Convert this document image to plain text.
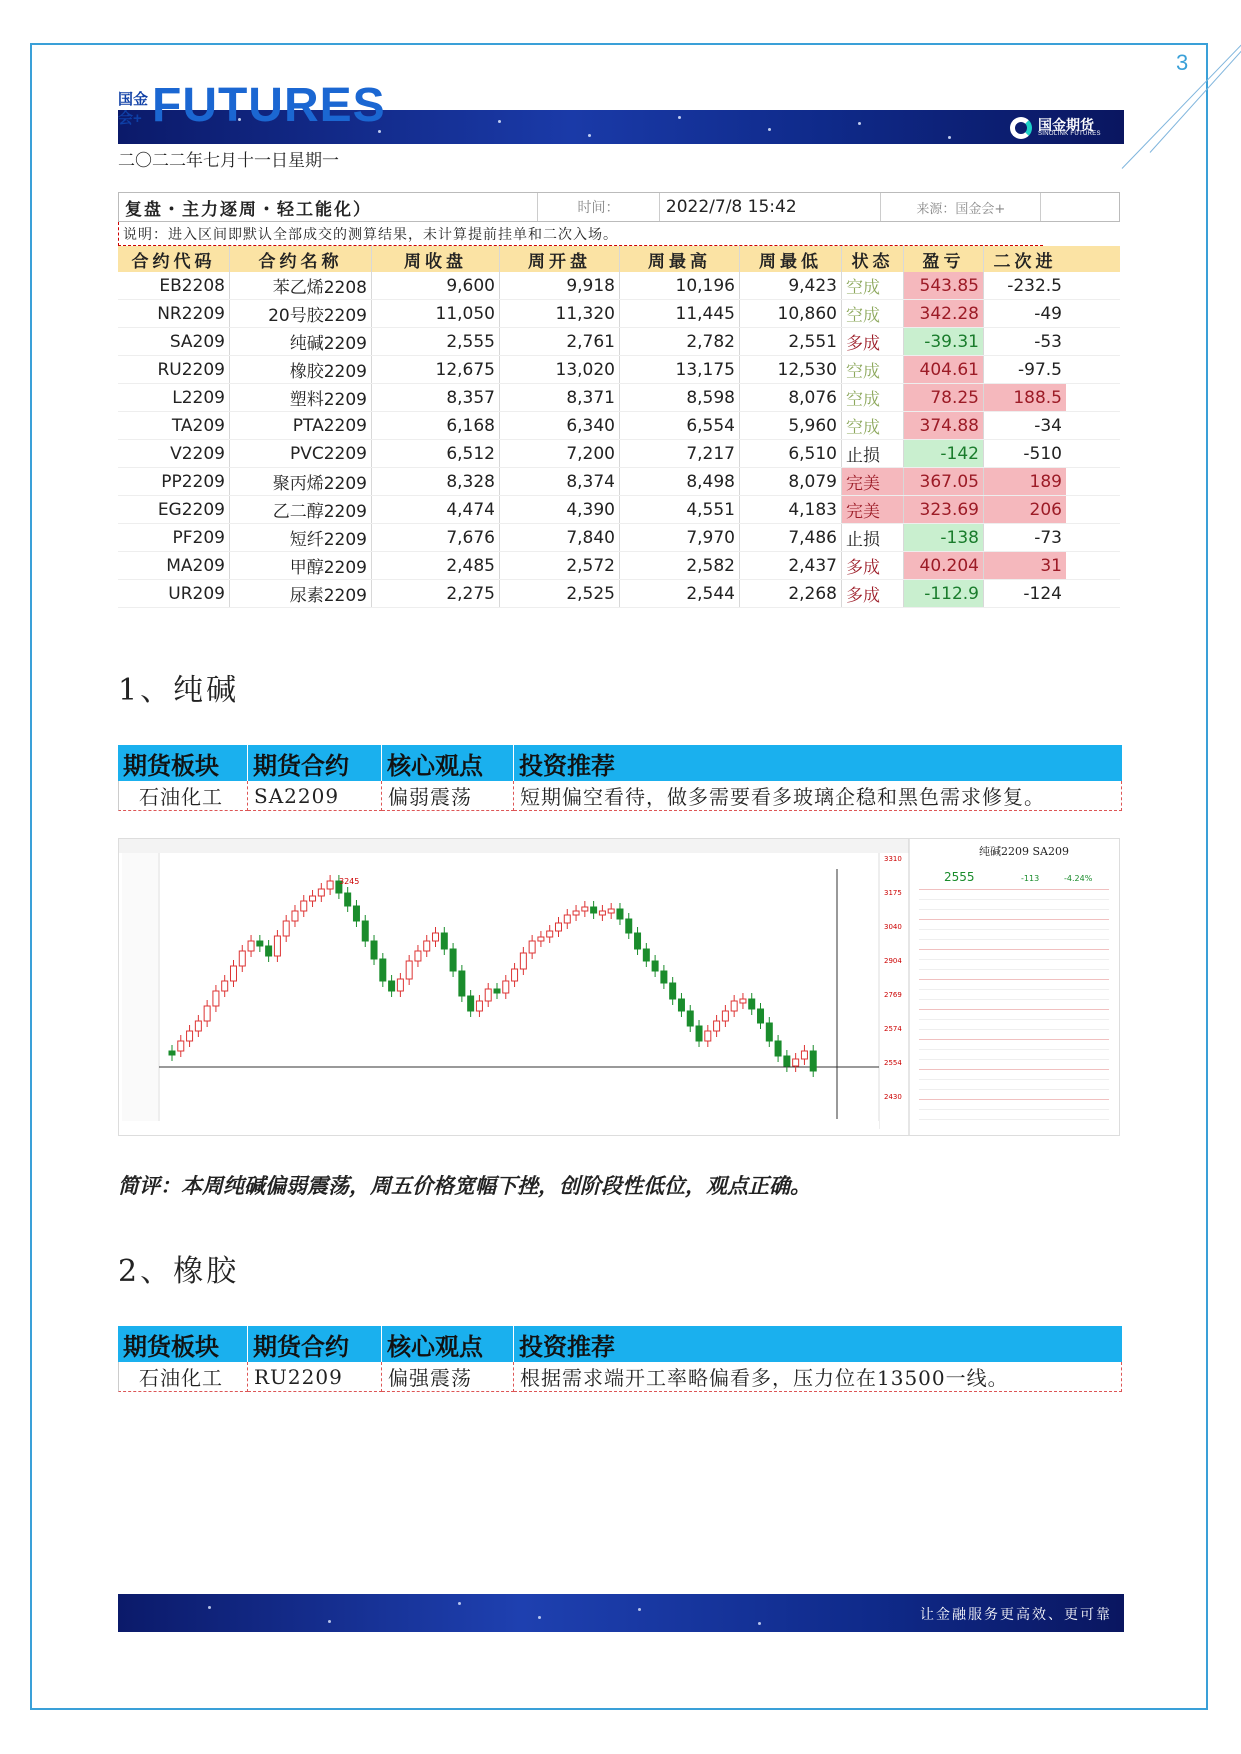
3
国金会+ FUTURES	国金期货
SINOLINK FUTURES
二〇二二年七月十一日星期一
复盘・主力逐周・轻工能化）	时间：	2022/7/8 15:42	来源：国金会+
说明：进入区间即默认全部成交的测算结果，未计算提前挂单和二次入场。
合约代码	合约名称	周收盘	周开盘	周最高	周最低	状态	盈亏	二次进
EB2208	苯乙烯2208	9,600	9,918	10,196	9,423 空成	543.85	-232.5
NR2209	20号胶2209	11,050	11,320	11,445	10,860 空成	342.28	-49
SA209	纯碱2209	2,555	2,761	2,782	2,551 多成	-39.31	-53
RU2209	橡胶2209	12,675	13,020	13,175	12,530 空成	404.61	-97.5
L2209	塑料2209	8,357	8,371	8,598	8,076 空成	78.25	188.5
TA209	PTA2209	6,168	6,340	6,554	5,960 空成	374.88	-34
V2209	PVC2209	6,512	7,200	7,217	6,510 止损	-142	-510
PP2209	聚丙烯2209	8,328	8,374	8,498	8,079 完美	367.05	189
EG2209	乙二醇2209	4,474	4,390	4,551	4,183 完美	323.69	206
PF209	短纤2209	7,676	7,840	7,970	7,486 止损	-138	-73
MA209	甲醇2209	2,485	2,572	2,582	2,437 多成	40.204	31
UR209	尿素2209	2,275	2,525	2,544	2,268 多成	-112.9	-124
1、纯碱
期货板块	期货合约	核心观点	投资推荐
石油化工	SA2209	偏弱震荡	短期偏空看待，做多需要看多玻璃企稳和黑色需求修复。
3245
3310
3175
3040
2904
2769
2574
2554
2430
纯碱2209 SA209
2555	-113	-4.24%
简评：本周纯碱偏弱震荡，周五价格宽幅下挫，创阶段性低位，观点正确。
2、橡胶
期货板块	期货合约	核心观点	投资推荐
石油化工	RU2209	偏强震荡	根据需求端开工率略偏看多，压力位在13500一线。
让金融服务更高效、更可靠
